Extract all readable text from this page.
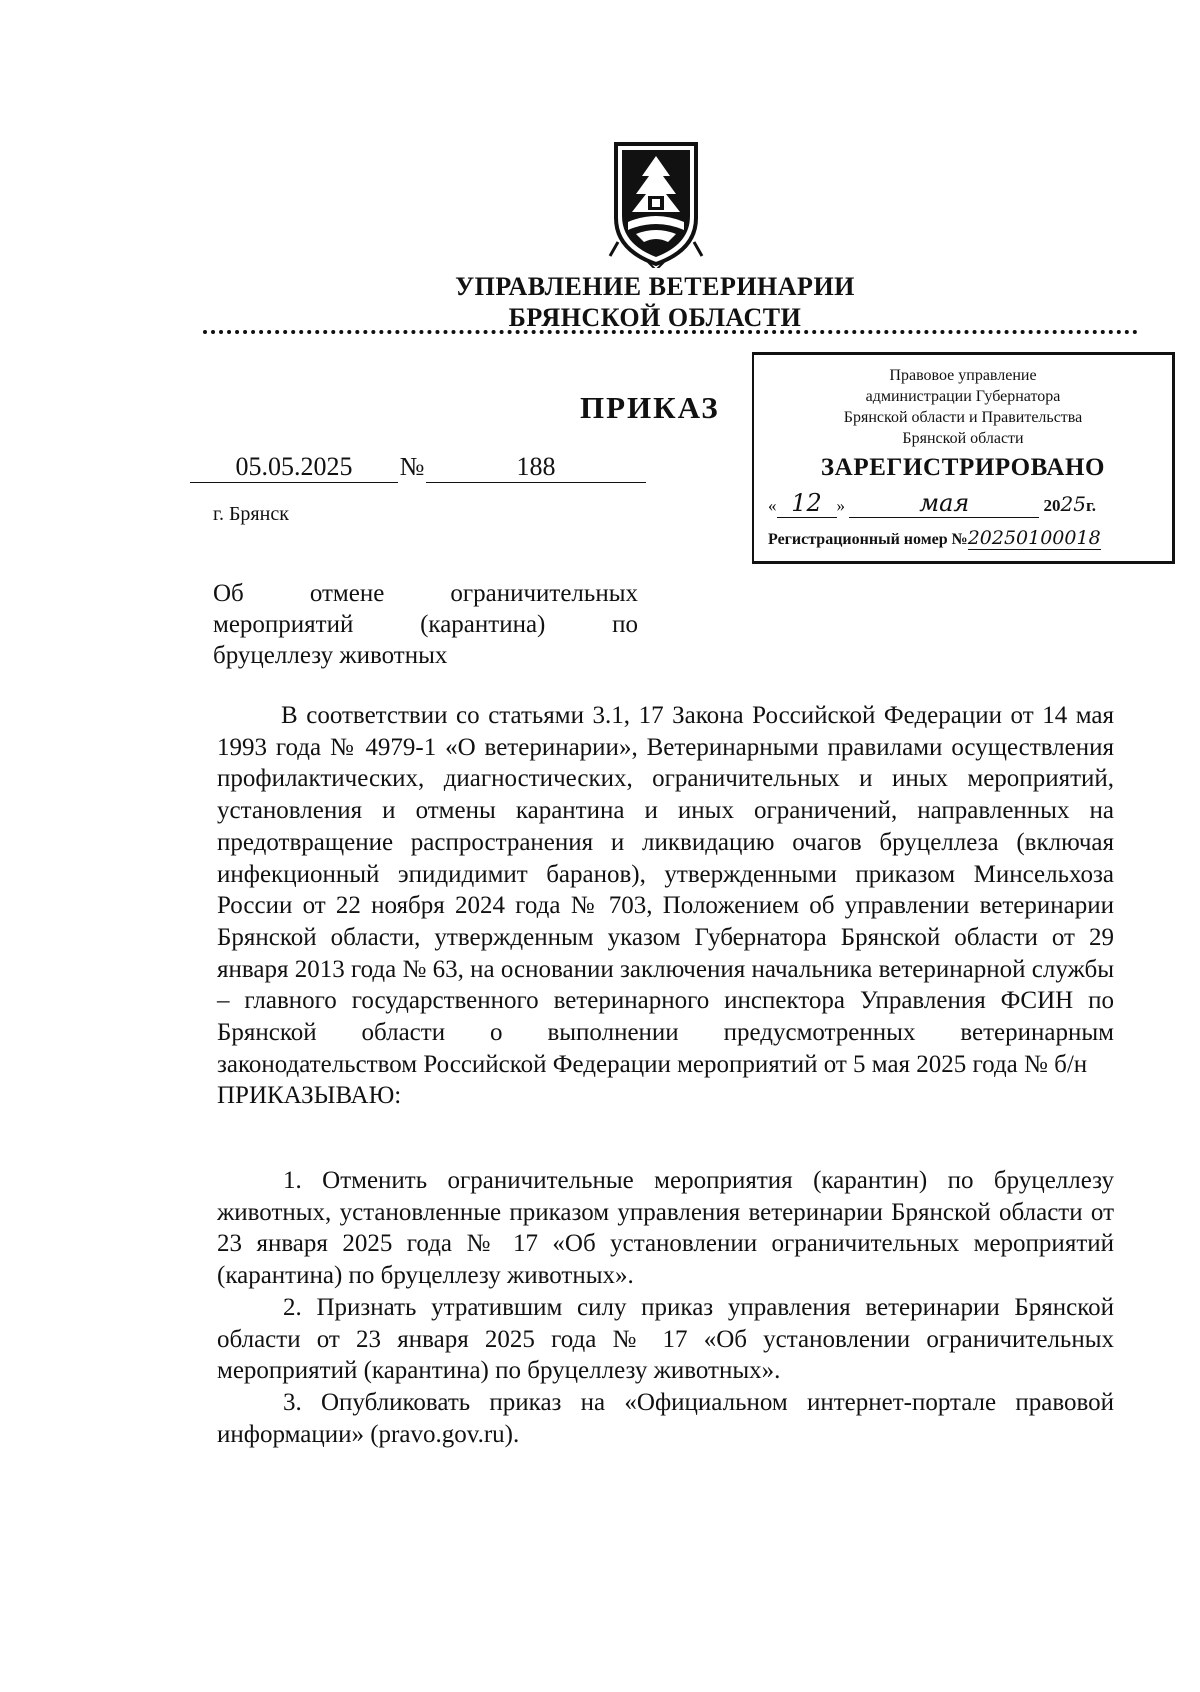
УПРАВЛЕНИЕ ВЕТЕРИНАРИИ
БРЯНСКОЙ ОБЛАСТИ
ПРИКАЗ
05.05.2025 №	188
г. Брянск
Правовое управление
администрации Губернатора
Брянской области и Правительства
Брянской области
ЗАРЕГИСТРИРОВАНО
« 12 »	мая	2025г.
Регистрационный номер №20250100018
Об отмене ограничительных
мероприятий (карантина) по
бруцеллезу животных

В соответствии со статьями 3.1, 17 Закона Российской Федерации от 14 мая 1993 года № 4979-1 «О ветеринарии», Ветеринарными правилами осуществления профилактических, диагностических, ограничительных и иных мероприятий, установления и отмены карантина и иных ограничений, направленных на предотвращение распространения и ликвидацию очагов бруцеллеза (включая инфекционный эпидидимит баранов), утвержденными приказом Минсельхоза России от 22 ноября 2024 года № 703, Положением об управлении ветеринарии Брянской области, утвержденным указом Губернатора Брянской области от 29 января 2013 года № 63, на основании заключения начальника ветеринарной службы – главного государственного ветеринарного инспектора Управления ФСИН по Брянской области о выполнении предусмотренных ветеринарным законодательством Российской Федерации мероприятий от 5 мая 2025 года № б/н

ПРИКАЗЫВАЮ:

1. Отменить ограничительные мероприятия (карантин) по бруцеллезу животных, установленные приказом управления ветеринарии Брянской области от 23 января 2025 года № 17 «Об установлении ограничительных мероприятий (карантина) по бруцеллезу животных».

2. Признать утратившим силу приказ управления ветеринарии Брянской области от 23 января 2025 года № 17 «Об установлении ограничительных мероприятий (карантина) по бруцеллезу животных».

3. Опубликовать приказ на «Официальном интернет-портале правовой информации» (pravo.gov.ru).
